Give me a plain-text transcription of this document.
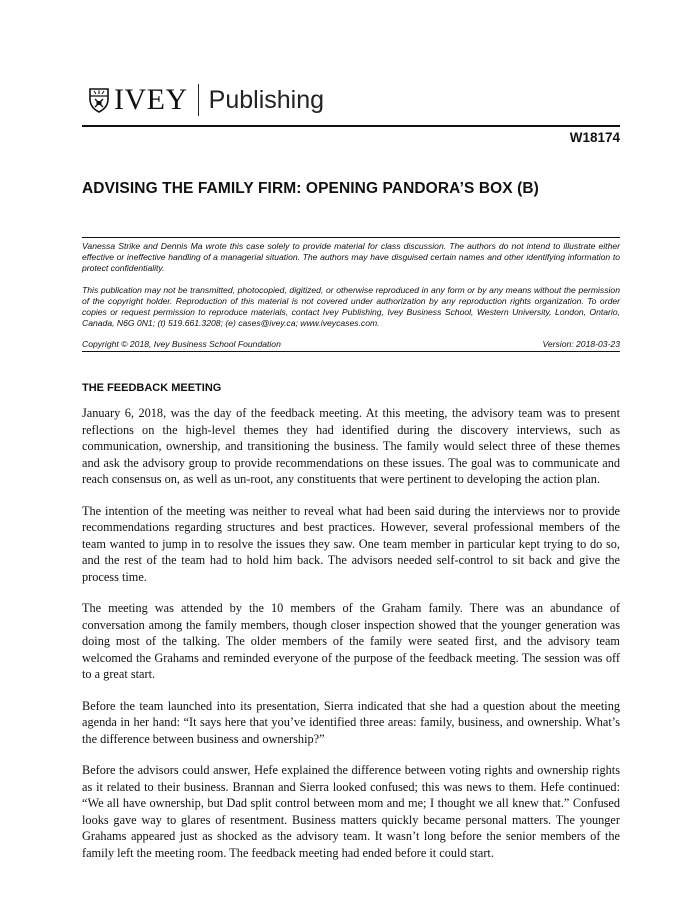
IVEY Publishing
W18174
ADVISING THE FAMILY FIRM: OPENING PANDORA’S BOX (B)

Vanessa Strike and Dennis Ma wrote this case solely to provide material for class discussion. The authors do not intend to illustrate either effective or ineffective handling of a managerial situation. The authors may have disguised certain names and other identifying information to protect confidentiality.

This publication may not be transmitted, photocopied, digitized, or otherwise reproduced in any form or by any means without the permission of the copyright holder. Reproduction of this material is not covered under authorization by any reproduction rights organization. To order copies or request permission to reproduce materials, contact Ivey Publishing, Ivey Business School, Western University, London, Ontario, Canada, N6G 0N1; (t) 519.661.3208; (e) cases@ivey.ca; www.iveycases.com.

Copyright © 2018, Ivey Business School Foundation	Version: 2018-03-23
THE FEEDBACK MEETING

January 6, 2018, was the day of the feedback meeting. At this meeting, the advisory team was to present reflections on the high-level themes they had identified during the discovery interviews, such as communication, ownership, and transitioning the business. The family would select three of these themes and ask the advisory group to provide recommendations on these issues. The goal was to communicate and reach consensus on, as well as un-root, any constituents that were pertinent to developing the action plan.

The intention of the meeting was neither to reveal what had been said during the interviews nor to provide recommendations regarding structures and best practices. However, several professional members of the team wanted to jump in to resolve the issues they saw. One team member in particular kept trying to do so, and the rest of the team had to hold him back. The advisors needed self-control to sit back and give the process time.

The meeting was attended by the 10 members of the Graham family. There was an abundance of conversation among the family members, though closer inspection showed that the younger generation was doing most of the talking. The older members of the family were seated first, and the advisory team welcomed the Grahams and reminded everyone of the purpose of the feedback meeting. The session was off to a great start.

Before the team launched into its presentation, Sierra indicated that she had a question about the meeting agenda in her hand: “It says here that you’ve identified three areas: family, business, and ownership. What’s the difference between business and ownership?”

Before the advisors could answer, Hefe explained the difference between voting rights and ownership rights as it related to their business. Brannan and Sierra looked confused; this was news to them. Hefe continued: “We all have ownership, but Dad split control between mom and me; I thought we all knew that.” Confused looks gave way to glares of resentment. Business matters quickly became personal matters. The younger Grahams appeared just as shocked as the advisory team. It wasn’t long before the senior members of the family left the meeting room. The feedback meeting had ended before it could start.
